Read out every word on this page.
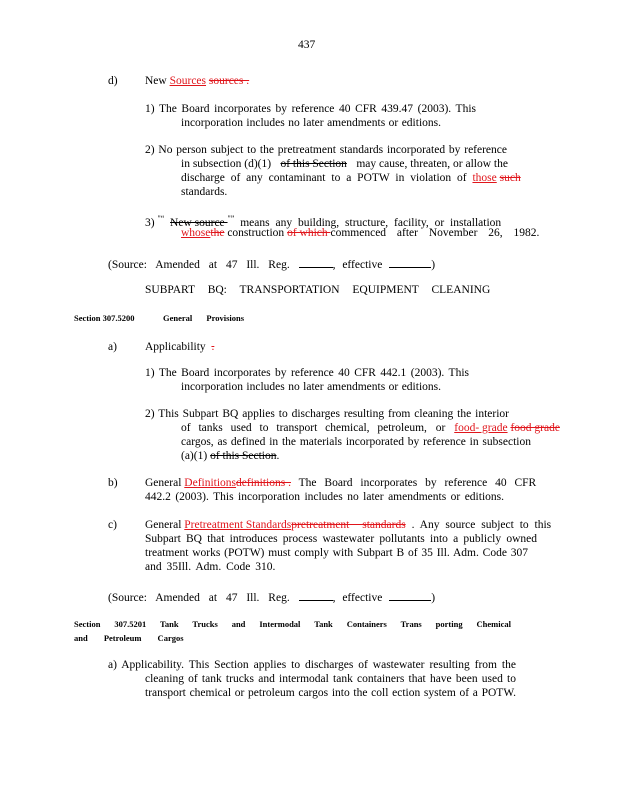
437
d) New Sources sources .
1) The Board incorporates by reference 40 CFR 439.47 (2003). This
incorporation includes no later amendments or editions.
2) No person subject to the pretreatment standards incorporated by reference
in subsection (d)(1) of this Section may cause, threaten, or allow the
discharge of any contaminant to a POTW in violation of those such
standards.
3) "“ New source "” means any building, structure, facility, or installation
whosethe construction of which commenced after November 26, 1982.
(Source: Amended at 47 Ill. Reg.	, effective	)
SUBPART BQ: TRANSPORTATION EQUIPMENT CLEANING
Section 307.5200	General Provisions
a) Applicability .
1) The Board incorporates by reference 40 CFR 442.1 (2003). This
incorporation includes no later amendments or editions.
2) This Subpart BQ applies to discharges resulting from cleaning the interior
of tanks used to transport chemical, petroleum, or food- grade food grade
cargos, as defined in the materials incorporated by reference in subsection
(a)(1) of this Section.
b) General Definitionsdefinitions . The Board incorporates by reference 40 CFR
442.2 (2003). This incorporation includes no later amendments or editions.
c) General Pretreatment Standardspretreatment standards . Any source subject to this
Subpart BQ that introduces process wastewater pollutants into a publicly owned
treatment works (POTW) must comply with Subpart B of 35 Ill. Adm. Code 307
and 35Ill. Adm. Code 310.
(Source: Amended at 47 Ill. Reg.	, effective	)
Section 307.5201 Tank Trucks and Intermodal Tank Containers Trans porting Chemical
and Petroleum Cargos
a) Applicability. This Section applies to discharges of wastewater resulting from the
cleaning of tank trucks and intermodal tank containers that have been used to
transport chemical or petroleum cargos into the coll ection system of a POTW.
